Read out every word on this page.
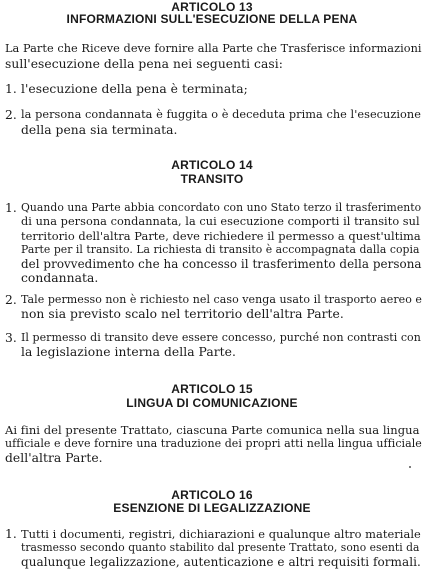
ARTICOLO 13
INFORMAZIONI SULL'ESECUZIONE DELLA PENA
La Parte che Riceve deve fornire alla Parte che Trasferisce informazioni
sull'esecuzione della pena nei seguenti casi:
1. l'esecuzione della pena è terminata;
2. la persona condannata è fuggita o è deceduta prima che l'esecuzione
della pena sia terminata.
ARTICOLO 14
TRANSITO
1. Quando una Parte abbia concordato con uno Stato terzo il trasferimento
di una persona condannata, la cui esecuzione comporti il transito sul
territorio dell'altra Parte, deve richiedere il permesso a quest'ultima
Parte per il transito. La richiesta di transito è accompagnata dalla copia
del provvedimento che ha concesso il trasferimento della persona
condannata.
2. Tale permesso non è richiesto nel caso venga usato il trasporto aereo e
non sia previsto scalo nel territorio dell'altra Parte.
3. Il permesso di transito deve essere concesso, purché non contrasti con
la legislazione interna della Parte.
ARTICOLO 15
LINGUA DI COMUNICAZIONE
Ai fini del presente Trattato, ciascuna Parte comunica nella sua lingua
ufficiale e deve fornire una traduzione dei propri atti nella lingua ufficiale
dell'altra Parte.
ARTICOLO 16
ESENZIONE DI LEGALIZZAZIONE
1. Tutti i documenti, registri, dichiarazioni e qualunque altro materiale
trasmesso secondo quanto stabilito dal presente Trattato, sono esenti da
qualunque legalizzazione, autenticazione e altri requisiti formali.
